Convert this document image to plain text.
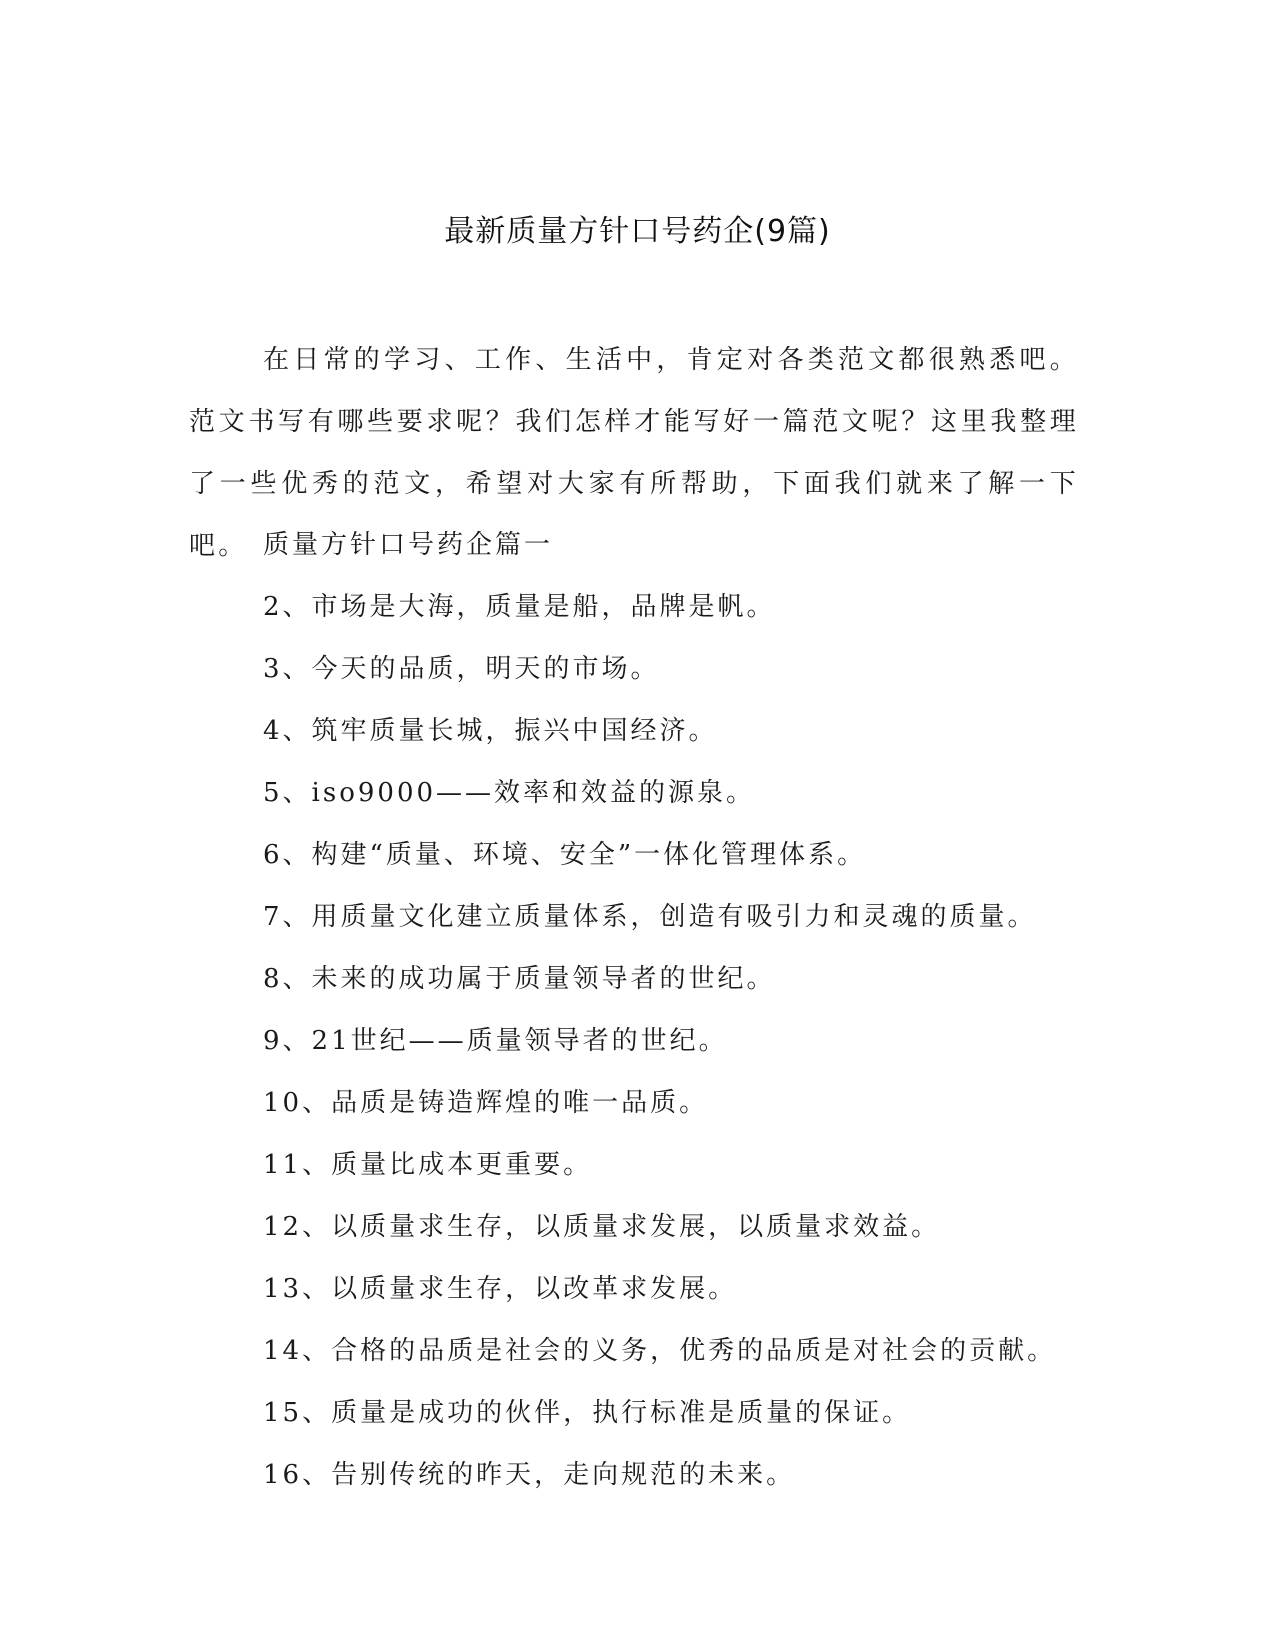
最新质量方针口号药企(9篇)

在日常的学习、工作、生活中，肯定对各类范文都很熟悉吧。范文书写有哪些要求呢？我们怎样才能写好一篇范文呢？这里我整理了一些优秀的范文，希望对大家有所帮助，下面我们就来了解一下吧。 质量方针口号药企篇一
2、市场是大海，质量是船，品牌是帆。
3、今天的品质，明天的市场。
4、筑牢质量长城，振兴中国经济。
5、iso9000——效率和效益的源泉。
6、构建“质量、环境、安全”一体化管理体系。
7、用质量文化建立质量体系，创造有吸引力和灵魂的质量。
8、未来的成功属于质量领导者的世纪。
9、21世纪——质量领导者的世纪。
10、品质是铸造辉煌的唯一品质。
11、质量比成本更重要。
12、以质量求生存，以质量求发展，以质量求效益。
13、以质量求生存，以改革求发展。
14、合格的品质是社会的义务，优秀的品质是对社会的贡献。
15、质量是成功的伙伴，执行标准是质量的保证。
16、告别传统的昨天，走向规范的未来。
